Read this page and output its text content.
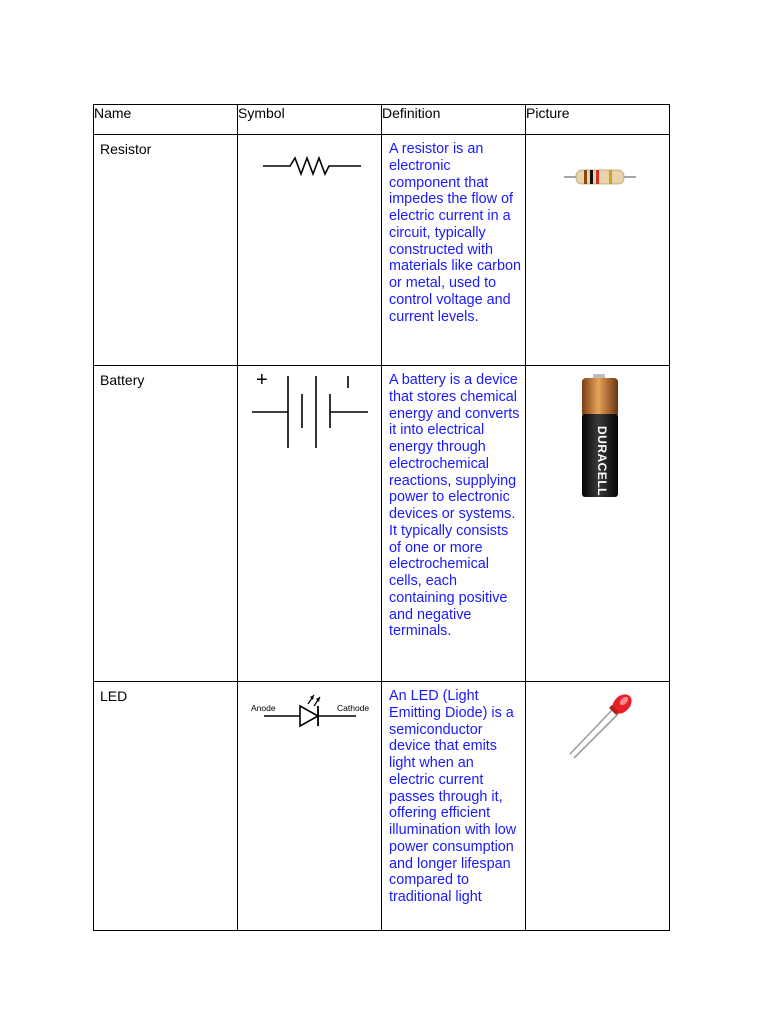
Name	Symbol	Definition	Picture
Resistor		A resistor is an electronic component that impedes the flow of electric current in a circuit, typically constructed with materials like carbon or metal, used to control voltage and current levels.	

Battery	+	A battery is a device that stores chemical energy and converts it into electrical energy through electrochemical reactions, supplying power to electronic devices or systems. It typically consists of one or more electrochemical cells, each containing positive and negative terminals.	DURACELL

LED	Anode Cathode	An LED (Light Emitting Diode) is a semiconductor device that emits light when an electric current passes through it, offering efficient illumination with low power consumption and longer lifespan compared to traditional light	
